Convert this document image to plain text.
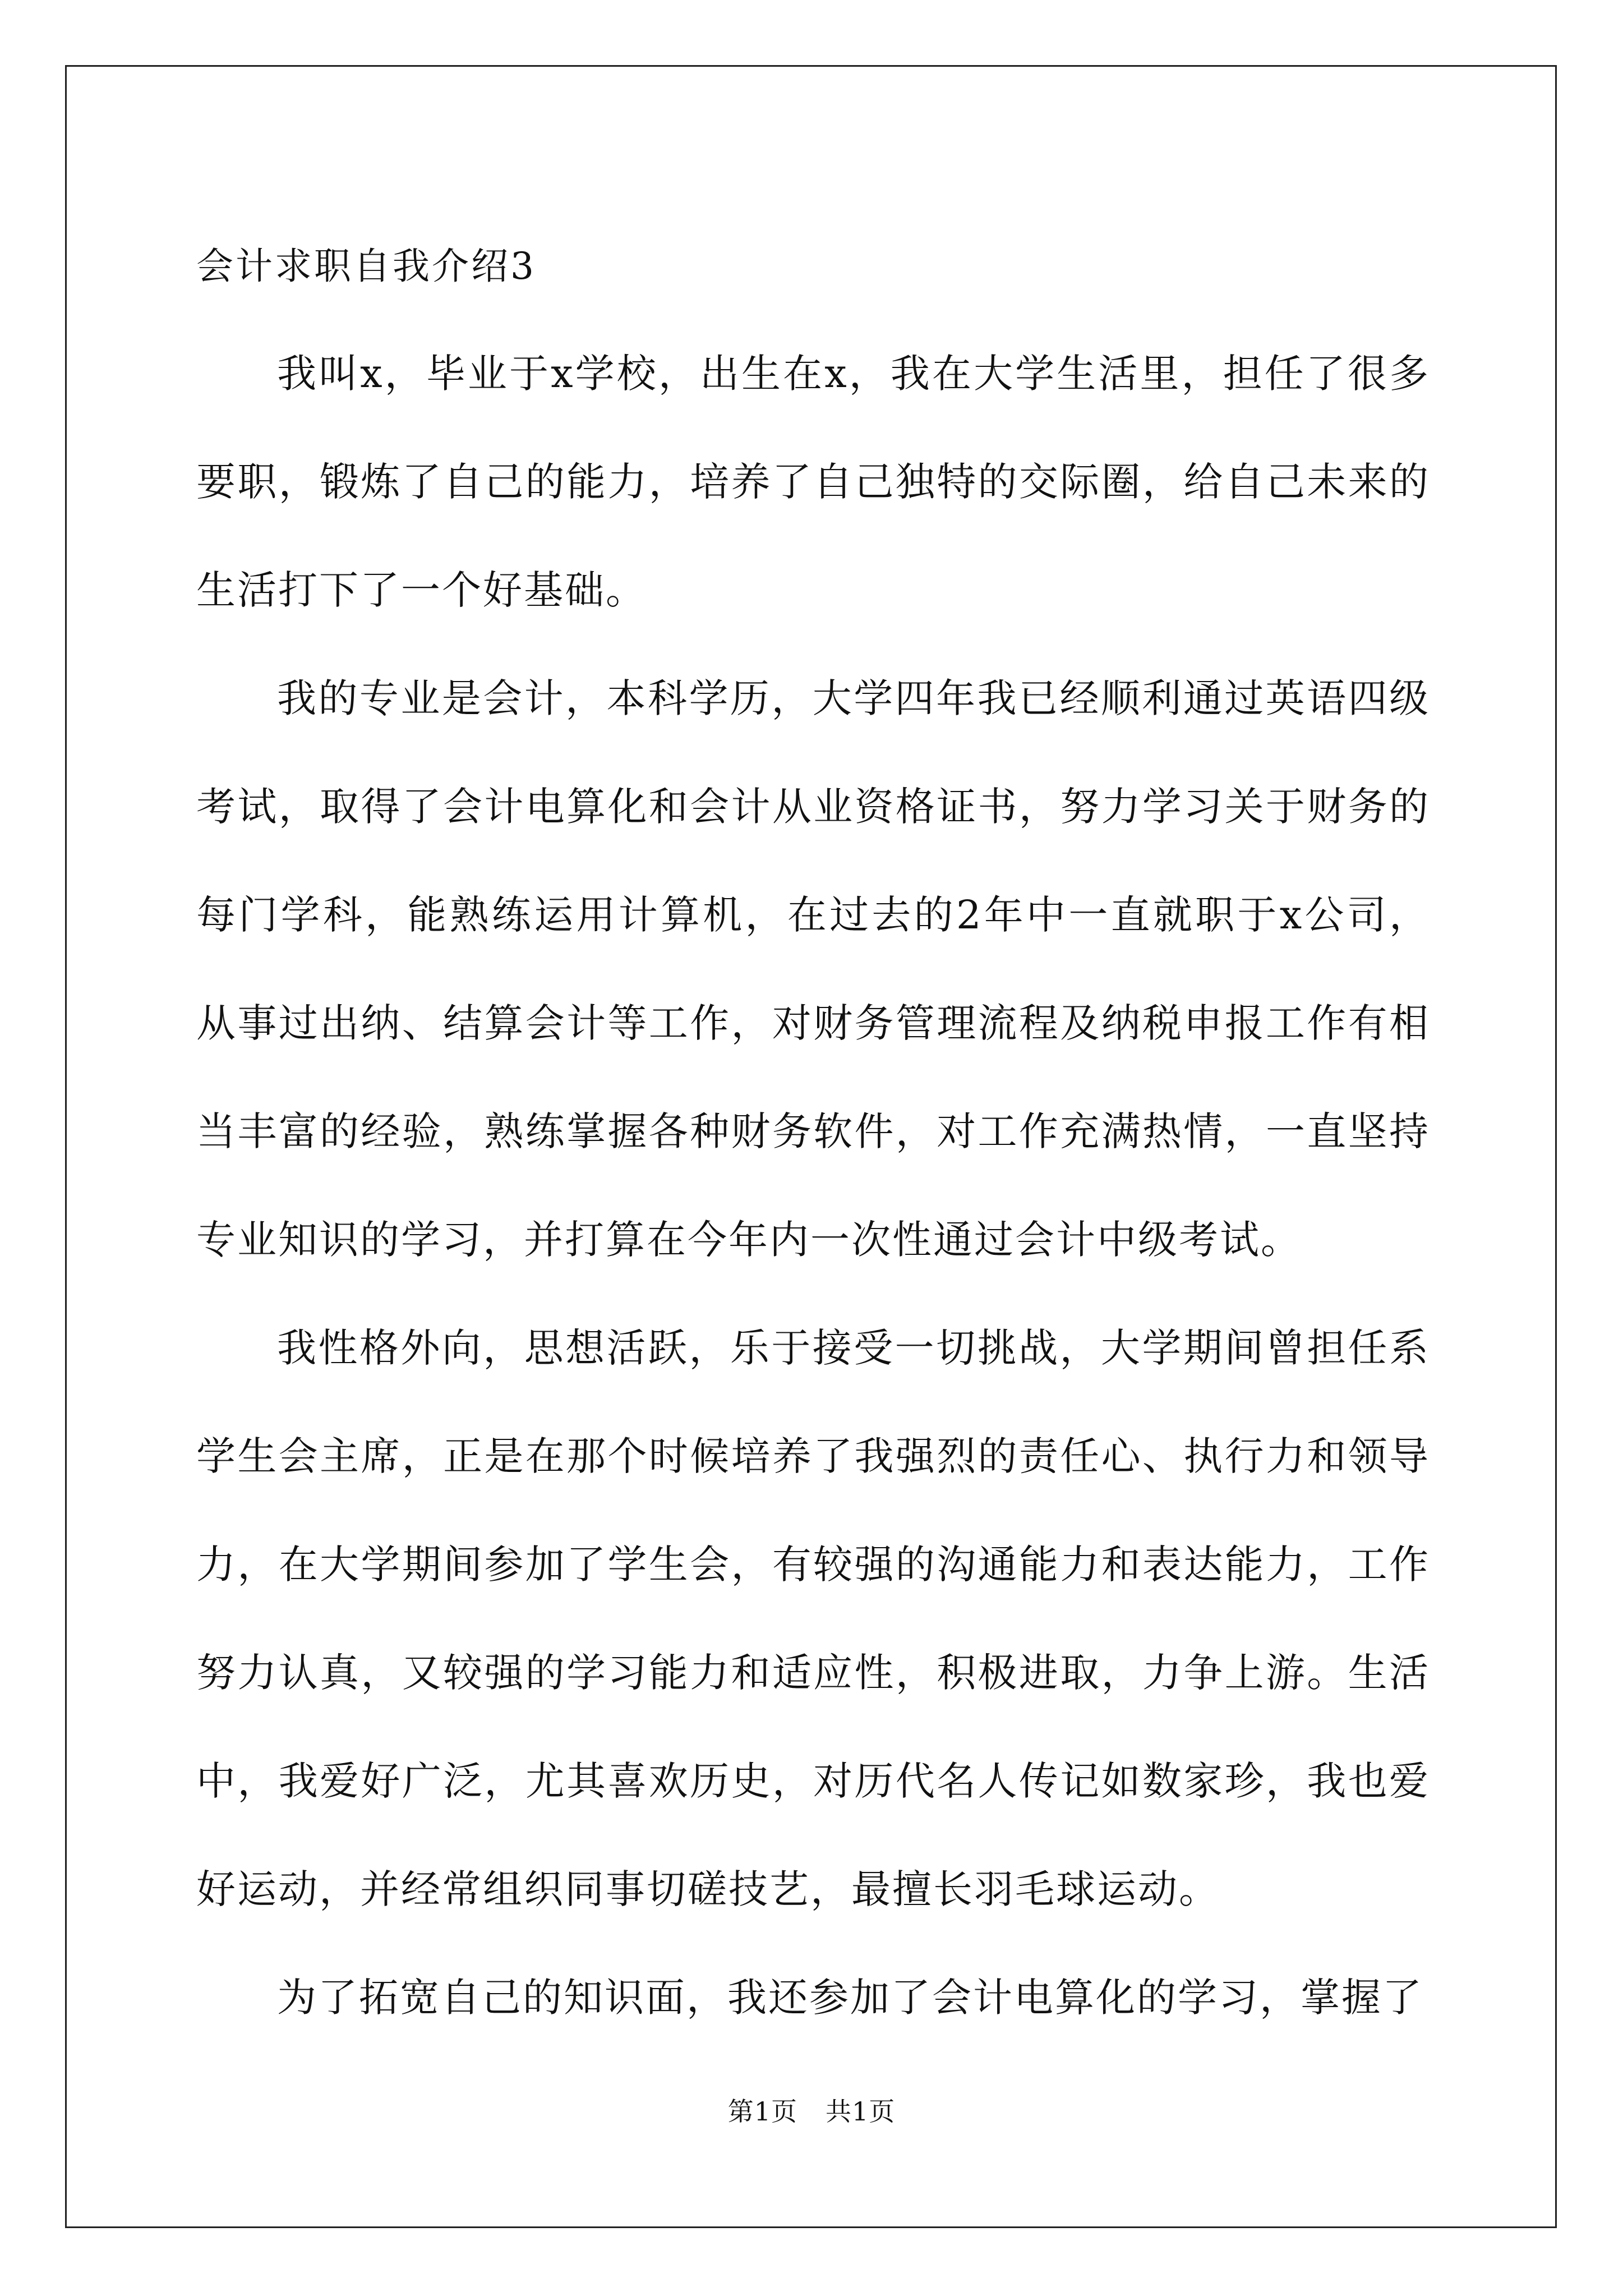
会计求职自我介绍3

我叫x，毕业于x学校，出生在x，我在大学生活里，担任了很多要职，锻炼了自己的能力，培养了自己独特的交际圈，给自己未来的生活打下了一个好基础。

我的专业是会计，本科学历，大学四年我已经顺利通过英语四级考试，取得了会计电算化和会计从业资格证书，努力学习关于财务的每门学科，能熟练运用计算机，在过去的2年中一直就职于x公司，从事过出纳、结算会计等工作，对财务管理流程及纳税申报工作有相当丰富的经验，熟练掌握各种财务软件，对工作充满热情，一直坚持专业知识的学习，并打算在今年内一次性通过会计中级考试。

我性格外向，思想活跃，乐于接受一切挑战，大学期间曾担任系学生会主席，正是在那个时候培养了我强烈的责任心、执行力和领导力，在大学期间参加了学生会，有较强的沟通能力和表达能力，工作努力认真，又较强的学习能力和适应性，积极进取，力争上游。生活中，我爱好广泛，尤其喜欢历史，对历代名人传记如数家珍，我也爱好运动，并经常组织同事切磋技艺，最擅长羽毛球运动。

为了拓宽自己的知识面，我还参加了会计电算化的学习，掌握了

第1页 共1页
